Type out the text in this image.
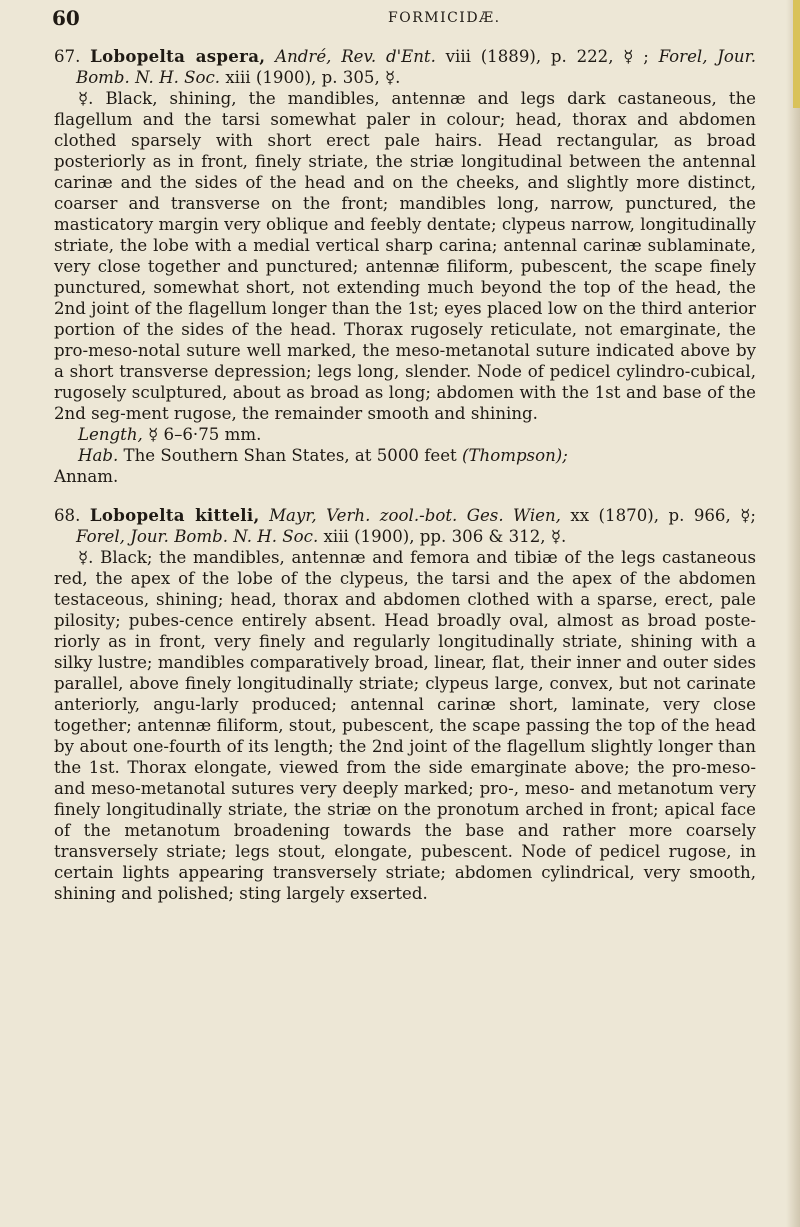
60	FORMICIDÆ.

67. Lobopelta aspera, André, Rev. d'Ent. viii (1889), p. 222, ☿ ; Forel, Jour. Bomb. N. H. Soc. xiii (1900), p. 305, ☿.

☿. Black, shining, the mandibles, antennæ and legs dark castaneous, the flagellum and the tarsi somewhat paler in colour; head, thorax and abdomen clothed sparsely with short erect pale hairs. Head rectangular, as broad posteriorly as in front, finely striate, the striæ longitudinal between the antennal carinæ and the sides of the head and on the cheeks, and slightly more distinct, coarser and transverse on the front; mandibles long, narrow, punctured, the masticatory margin very oblique and feebly dentate; clypeus narrow, longitudinally striate, the lobe with a medial vertical sharp carina; antennal carinæ sublaminate, very close together and punctured; antennæ filiform, pubescent, the scape finely punctured, somewhat short, not extending much beyond the top of the head, the 2nd joint of the flagellum longer than the 1st; eyes placed low on the third anterior portion of the sides of the head. Thorax rugosely reticulate, not emarginate, the pro-meso-notal suture well marked, the meso-metanotal suture indicated above by a short transverse depression; legs long, slender. Node of pedicel cylindro-cubical, rugosely sculptured, about as broad as long; abdomen with the 1st and base of the 2nd seg-ment rugose, the remainder smooth and shining.

Length, ☿ 6–6·75 mm.

Hab. The Southern Shan States, at 5000 feet (Thompson);

Annam.

68. Lobopelta kitteli, Mayr, Verh. zool.-bot. Ges. Wien, xx (1870), p. 966, ☿; Forel, Jour. Bomb. N. H. Soc. xiii (1900), pp. 306 & 312, ☿.

☿. Black; the mandibles, antennæ and femora and tibiæ of the legs castaneous red, the apex of the lobe of the clypeus, the tarsi and the apex of the abdomen testaceous, shining; head, thorax and abdomen clothed with a sparse, erect, pale pilosity; pubes-cence entirely absent. Head broadly oval, almost as broad poste-riorly as in front, very finely and regularly longitudinally striate, shining with a silky lustre; mandibles comparatively broad, linear, flat, their inner and outer sides parallel, above finely longitudinally striate; clypeus large, convex, but not carinate anteriorly, angu-larly produced; antennal carinæ short, laminate, very close together; antennæ filiform, stout, pubescent, the scape passing the top of the head by about one-fourth of its length; the 2nd joint of the flagellum slightly longer than the 1st. Thorax elongate, viewed from the side emarginate above; the pro-meso- and meso-metanotal sutures very deeply marked; pro-, meso- and metanotum very finely longitudinally striate, the striæ on the pronotum arched in front; apical face of the metanotum broadening towards the base and rather more coarsely transversely striate; legs stout, elongate, pubescent. Node of pedicel rugose, in certain lights appearing transversely striate; abdomen cylindrical, very smooth, shining and polished; sting largely exserted.
